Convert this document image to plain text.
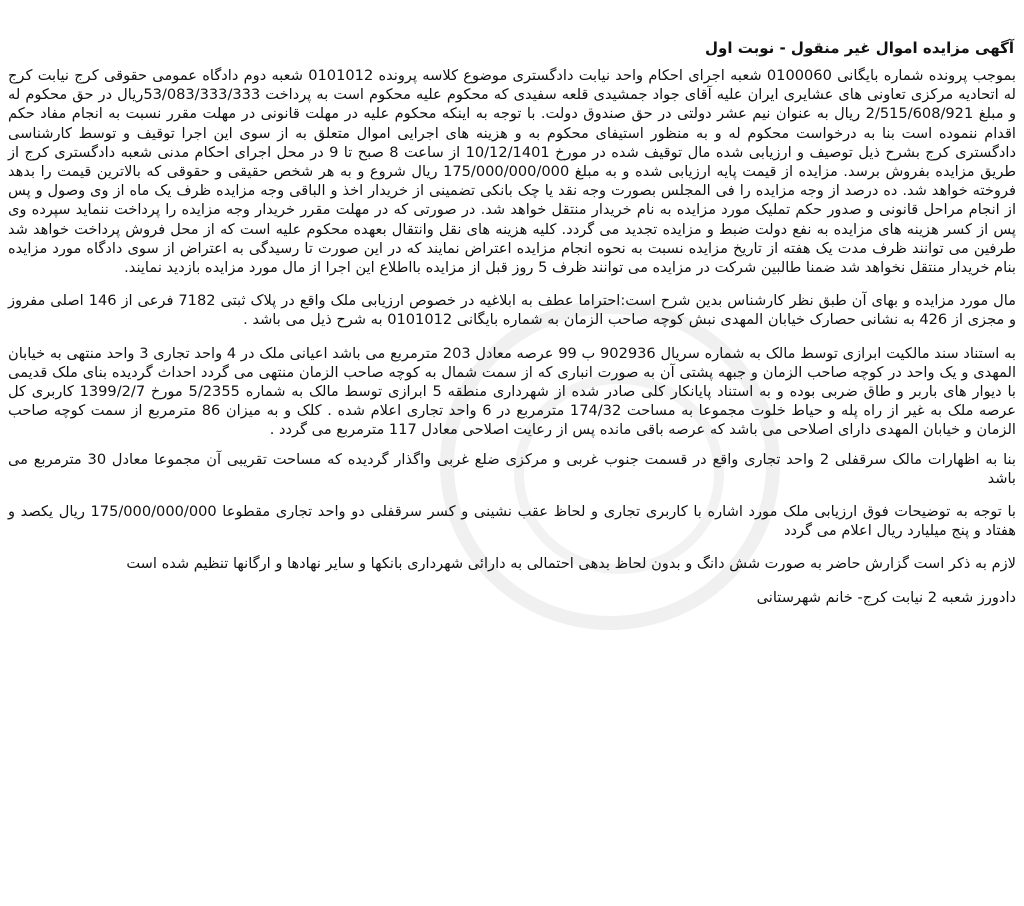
آگهی مزایده اموال غیر منقول - نوبت اول
بموجب پرونده شماره بایگانی 0100060 شعبه اجرای احکام واحد نیابت دادگستری موضوع کلاسه پرونده 0101012 شعبه دوم دادگاه عمومی حقوقی کرج نیابت کرج له اتحادیه مرکزی تعاونی های عشایری ایران علیه آقای جواد جمشیدی قلعه سفیدی که محکوم علیه محکوم است به پرداخت 53/083/333/333ریال در حق محکوم له و مبلغ 2/515/608/921 ریال به عنوان نیم عشر دولتی در حق صندوق دولت. با توجه به اینکه محکوم علیه در مهلت قانونی در مهلت مقرر نسبت به انجام مفاد حکم اقدام ننموده است بنا به درخواست محکوم له و به منظور استیفای محکوم به و هزینه های اجرایی اموال متعلق به از سوی این اجرا توقیف و توسط کارشناسی دادگستری کرج بشرح ذیل توصیف و ارزیابی شده مال توقیف شده در مورخ 10/12/1401 از ساعت 8 صبح تا 9 در محل اجرای احکام مدنی شعبه دادگستری کرج از طریق مزایده بفروش برسد. مزایده از قیمت پایه ارزیابی شده و به مبلغ 175/000/000/000 ریال شروع و به هر شخص حقیقی و حقوقی که بالاترین قیمت را بدهد فروخته خواهد شد. ده درصد از وجه مزایده را فی المجلس بصورت وجه نقد یا چک بانکی تضمینی از خریدار اخذ و الباقی وجه مزایده ظرف یک ماه از وی وصول و پس از انجام مراحل قانونی و صدور حکم تملیک مورد مزایده به نام خریدار منتقل خواهد شد. در صورتی که در مهلت مقرر خریدار وجه مزایده را پرداخت ننماید سپرده وی پس از کسر هزینه های مزایده به نفع دولت ضبط و مزایده تجدید می گردد. کلیه هزینه های نقل وانتقال بعهده محکوم علیه است که از محل فروش پرداخت خواهد شد طرفین می توانند ظرف مدت یک هفته از تاریخ مزایده نسبت به نحوه انجام مزایده اعتراض نمایند که در این صورت تا رسیدگی به اعتراض از سوی دادگاه مورد مزایده بنام خریدار منتقل نخواهد شد ضمنا طالبین شرکت در مزایده می توانند ظرف 5 روز قبل از مزایده بااطلاع این اجرا از مال مورد مزایده بازدید نمایند.
مال مورد مزایده و بهای آن طبق نظر کارشناس بدین شرح است:احتراما عطف به ابلاغیه در خصوص ارزیابی ملک واقع در پلاک ثبتی 7182 فرعی از 146 اصلی مفروز و مجزی از 426 به نشانی حصارک خیابان المهدی نبش کوچه صاحب الزمان به شماره بایگانی 0101012 به شرح ذیل می باشد .
به استناد سند مالکیت ابرازی توسط مالک به شماره سریال 902936 ب 99 عرصه معادل 203 مترمربع می باشد اعیانی ملک در 4 واحد تجاری 3 واحد منتهی به خیابان المهدی و یک واحد در کوچه صاحب الزمان و جبهه پشتی آن به صورت انباری که از سمت شمال به کوچه صاحب الزمان منتهی می گردد احداث گردیده بنای ملک قدیمی با دیوار های باربر و طاق ضربی بوده و به استناد پایانکار کلی صادر شده از شهرداری منطقه 5 ابرازی توسط مالک به شماره 5/2355 مورخ 1399/2/7 کاربری کل عرصه ملک به غیر از راه پله و حیاط خلوت مجموعا به مساحت 174/32 مترمربع در 6 واحد تجاری اعلام شده . کلک و به میزان 86 مترمربع از سمت کوچه صاحب الزمان و خیابان المهدی دارای اصلاحی می باشد که عرصه باقی مانده پس از رعایت اصلاحی معادل 117 مترمربع می گردد .
بنا به اظهارات مالک سرقفلی 2 واحد تجاری واقع در قسمت جنوب غربی و مرکزی ضلع غربی واگذار گردیده که مساحت تقریبی آن مجموعا معادل 30 مترمربع می باشد
با توجه به توضیحات فوق ارزیابی ملک مورد اشاره با کاربری تجاری و لحاظ عقب نشینی و کسر سرقفلی دو واحد تجاری مقطوعا 175/000/000/000 ریال یکصد و هفتاد و پنج میلیارد ریال اعلام می گردد
لازم به ذکر است گزارش حاضر به صورت شش دانگ و بدون لحاظ بدهی احتمالی به دارائی شهرداری بانکها و سایر نهادها و ارگانها تنظیم شده است
دادورز شعبه 2 نیابت کرج- خانم شهرستانی
